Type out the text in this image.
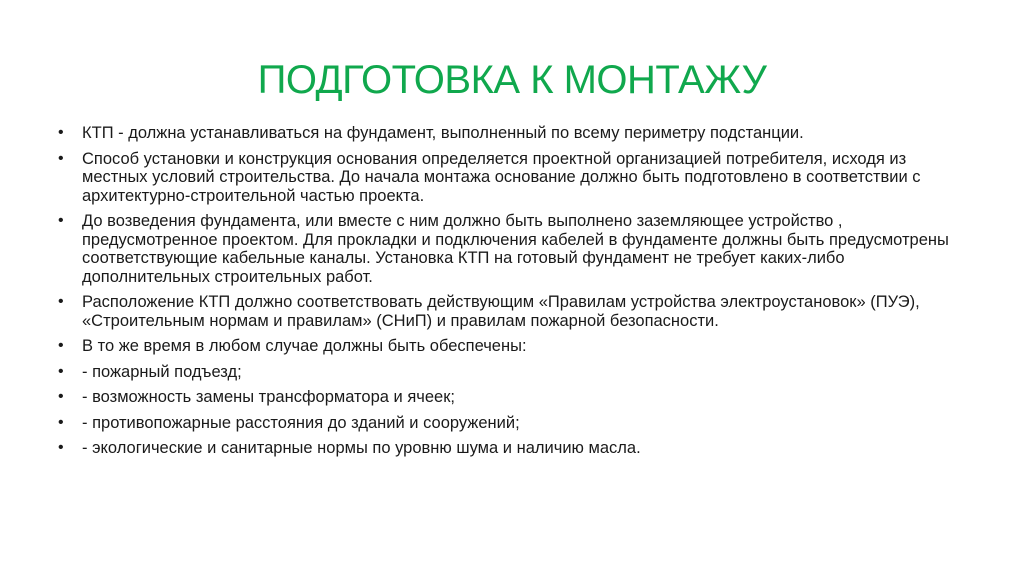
ПОДГОТОВКА К МОНТАЖУ
• КТП - должна устанавливаться на фундамент, выполненный по всему периметру подстанции.
• Способ установки и конструкция основания определяется проектной организацией потребителя, исходя из местных условий строительства. До начала монтажа основание должно быть подготовлено в соответствии с архитектурно-строительной частью проекта.
• До возведения фундамента, или вместе с ним должно быть выполнено заземляющее устройство , предусмотренное проектом. Для прокладки и подключения кабелей в фундаменте должны быть предусмотрены соответствующие кабельные каналы. Установка КТП на готовый фундамент не требует каких-либо дополнительных строительных работ.
• Расположение КТП должно соответствовать действующим «Правилам устройства электроустановок» (ПУЭ), «Строительным нормам и правилам» (СНиП) и правилам пожарной безопасности.
• В то же время в любом случае должны быть обеспечены:
• - пожарный подъезд;
• - возможность замены трансформатора и ячеек;
• - противопожарные расстояния до зданий и сооружений;
• - экологические и санитарные нормы по уровню шума и наличию масла.
